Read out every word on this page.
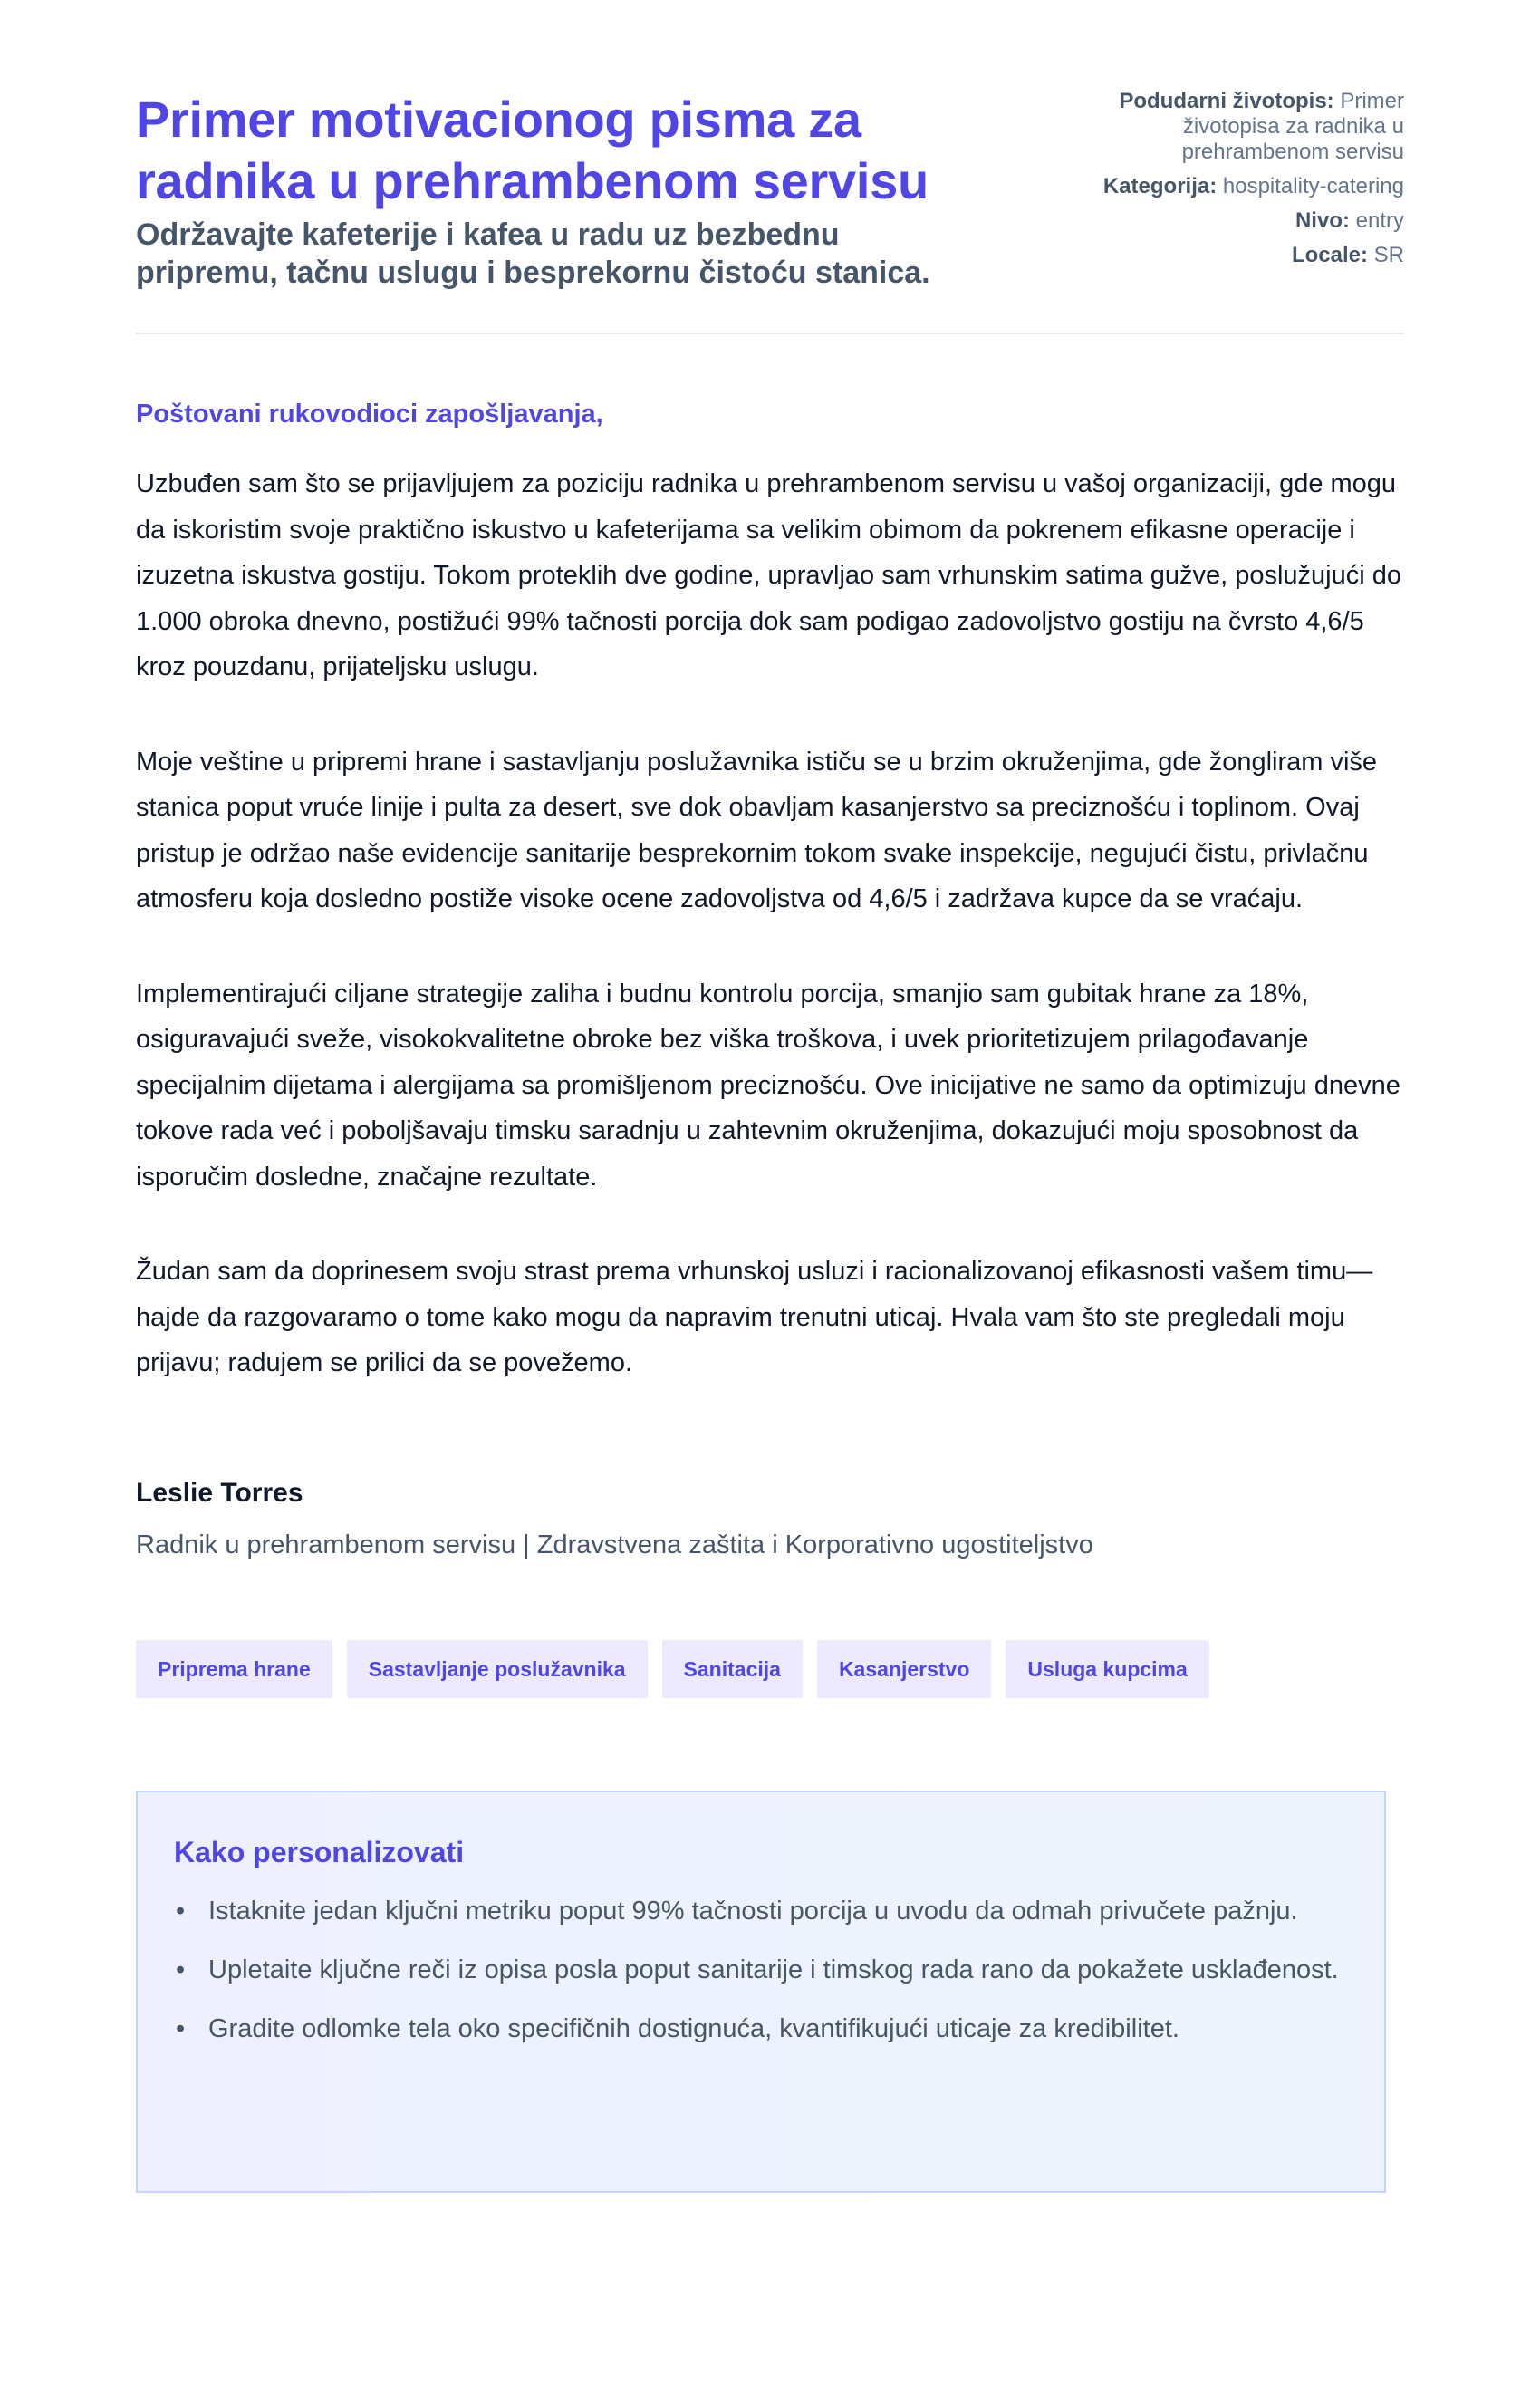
Primer motivacionog pisma za radnika u prehrambenom servisu
Održavajte kafeterije i kafea u radu uz bezbednu pripremu, tačnu uslugu i besprekornu čistoću stanica.
Podudarni životopis: Primer životopisa za radnika u prehrambenom servisu
Kategorija: hospitality-catering
Nivo: entry
Locale: SR
Poštovani rukovodioci zapošljavanja,

Uzbuđen sam što se prijavljujem za poziciju radnika u prehrambenom servisu u vašoj organizaciji, gde mogu da iskoristim svoje praktično iskustvo u kafeterijama sa velikim obimom da pokrenem efikasne operacije i izuzetna iskustva gostiju. Tokom proteklih dve godine, upravljao sam vrhunskim satima gužve, poslužujući do 1.000 obroka dnevno, postižući 99% tačnosti porcija dok sam podigao zadovoljstvo gostiju na čvrsto 4,6/5 kroz pouzdanu, prijateljsku uslugu.

Moje veštine u pripremi hrane i sastavljanju poslužavnika ističu se u brzim okruženjima, gde žongliram više stanica poput vruće linije i pulta za desert, sve dok obavljam kasanjerstvo sa preciznošću i toplinom. Ovaj pristup je održao naše evidencije sanitarije besprekornim tokom svake inspekcije, negujući čistu, privlačnu atmosferu koja dosledno postiže visoke ocene zadovoljstva od 4,6/5 i zadržava kupce da se vraćaju.

Implementirajući ciljane strategije zaliha i budnu kontrolu porcija, smanjio sam gubitak hrane za 18%, osiguravajući sveže, visokokvalitetne obroke bez viška troškova, i uvek prioritetizujem prilagođavanje specijalnim dijetama i alergijama sa promišljenom preciznošću. Ove inicijative ne samo da optimizuju dnevne tokove rada već i poboljšavaju timsku saradnju u zahtevnim okruženjima, dokazujući moju sposobnost da isporučim dosledne, značajne rezultate.

Žudan sam da doprinesem svoju strast prema vrhunskoj usluzi i racionalizovanoj efikasnosti vašem timu—hajde da razgovaramo o tome kako mogu da napravim trenutni uticaj. Hvala vam što ste pregledali moju prijavu; radujem se prilici da se povežemo.

Leslie Torres
Radnik u prehrambenom servisu | Zdravstvena zaštita i Korporativno ugostiteljstvo
Priprema hrane	Sastavljanje poslužavnika	Sanitacija	Kasanjerstvo	Usluga kupcima
Kako personalizovati
• Istaknite jedan ključni metriku poput 99% tačnosti porcija u uvodu da odmah privučete pažnju.
• Upletaite ključne reči iz opisa posla poput sanitarije i timskog rada rano da pokažete usklađenost.
• Gradite odlomke tela oko specifičnih dostignuća, kvantifikujući uticaje za kredibilitet.
